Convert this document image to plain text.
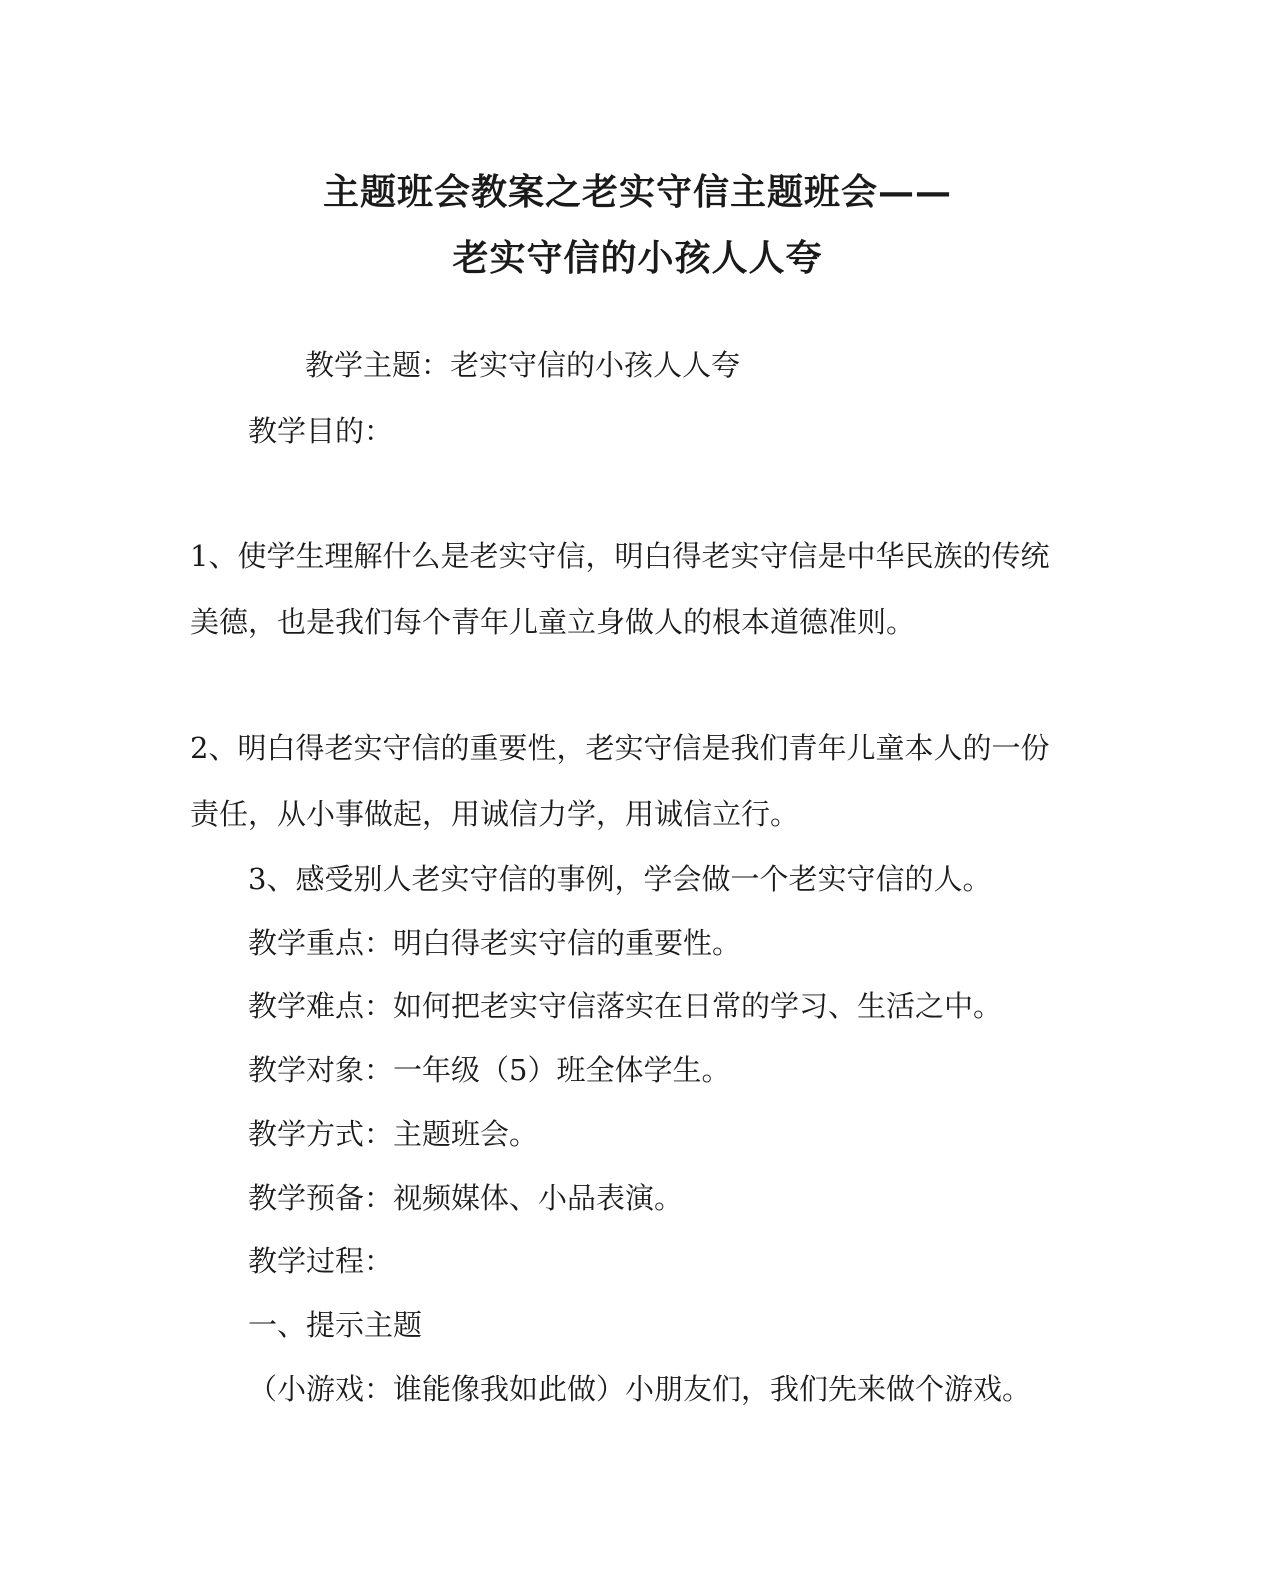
主题班会教案之老实守信主题班会——
老实守信的小孩人人夸
教学主题：老实守信的小孩人人夸
教学目的：
1、使学生理解什么是老实守信，明白得老实守信是中华民族的传统
美德，也是我们每个青年儿童立身做人的根本道德准则。
2、明白得老实守信的重要性，老实守信是我们青年儿童本人的一份
责任，从小事做起，用诚信力学，用诚信立行。
3、感受别人老实守信的事例，学会做一个老实守信的人。
教学重点：明白得老实守信的重要性。
教学难点：如何把老实守信落实在日常的学习、生活之中。
教学对象：一年级（5）班全体学生。
教学方式：主题班会。
教学预备：视频媒体、小品表演。
教学过程：
一、提示主题
（小游戏：谁能像我如此做）小朋友们，我们先来做个游戏。
